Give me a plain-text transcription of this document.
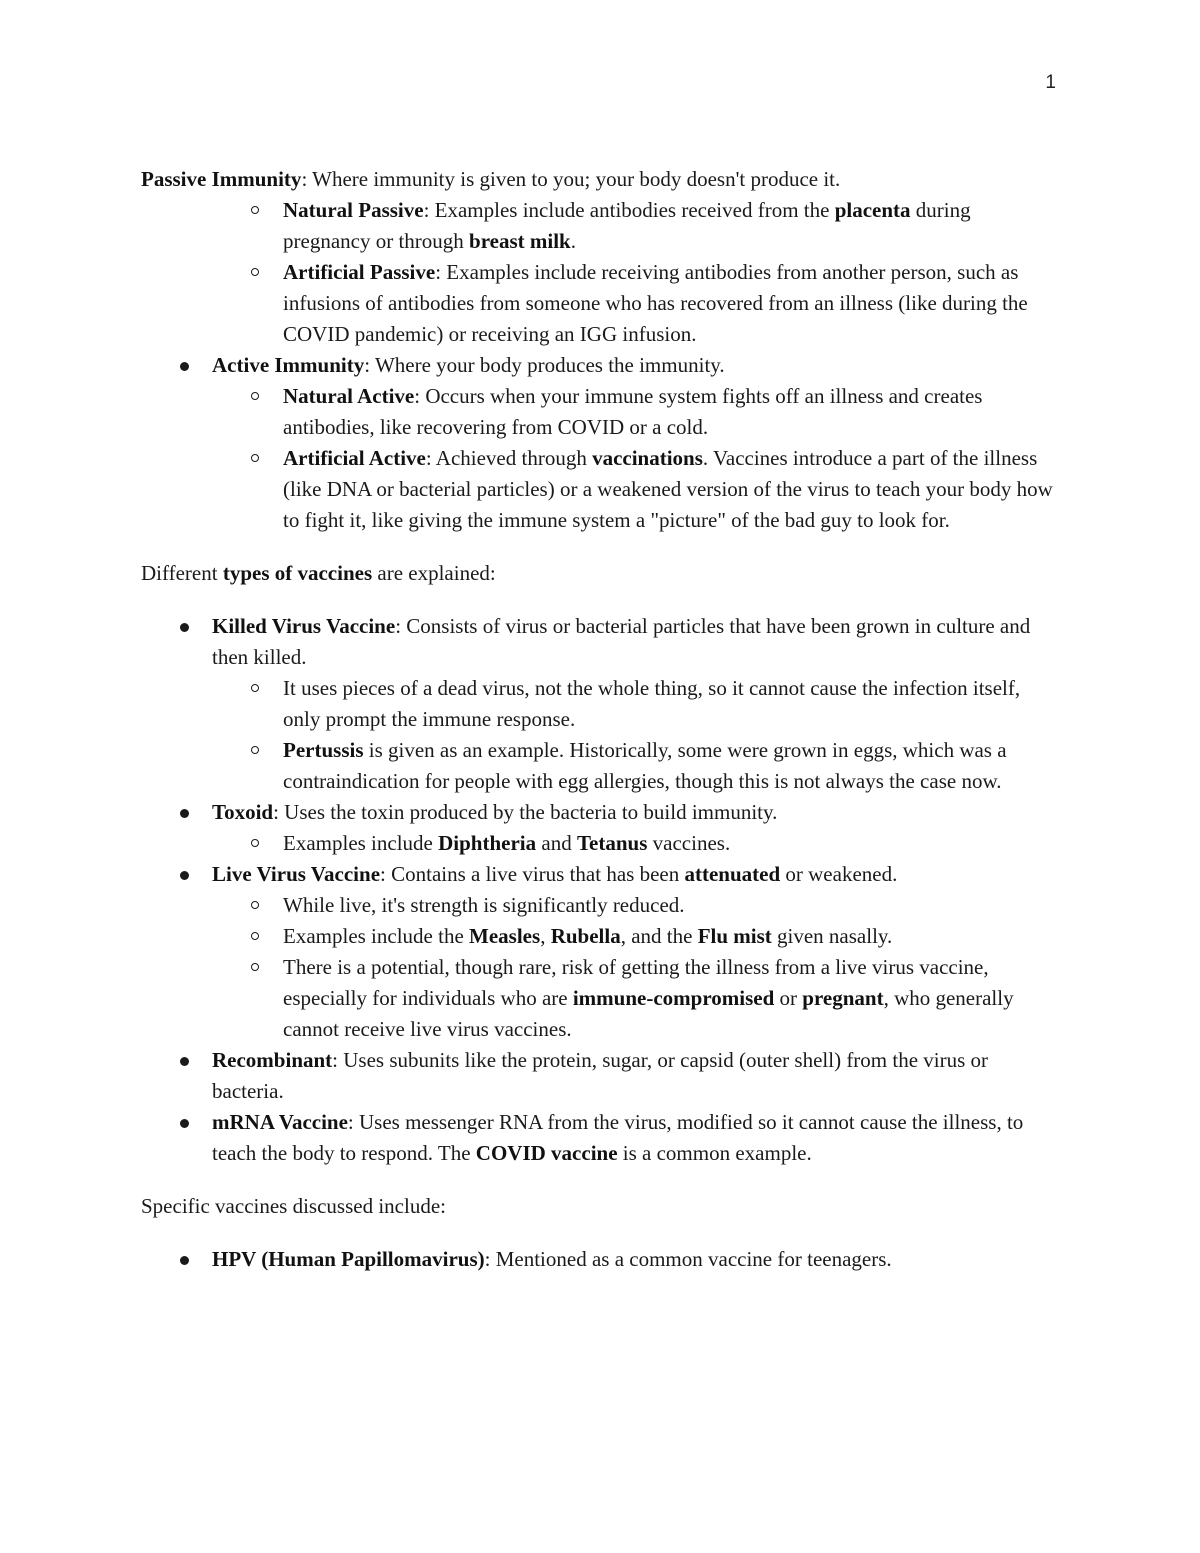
1

Passive Immunity: Where immunity is given to you; your body doesn't produce it.

Natural Passive: Examples include antibodies received from the placenta during pregnancy or through breast milk.
Artificial Passive: Examples include receiving antibodies from another person, such as infusions of antibodies from someone who has recovered from an illness (like during the COVID pandemic) or receiving an IGG infusion.
Active Immunity: Where your body produces the immunity.
Natural Active: Occurs when your immune system fights off an illness and creates antibodies, like recovering from COVID or a cold.
Artificial Active: Achieved through vaccinations. Vaccines introduce a part of the illness (like DNA or bacterial particles) or a weakened version of the virus to teach your body how to fight it, like giving the immune system a "picture" of the bad guy to look for.

Different types of vaccines are explained:

Killed Virus Vaccine: Consists of virus or bacterial particles that have been grown in culture and then killed.
It uses pieces of a dead virus, not the whole thing, so it cannot cause the infection itself, only prompt the immune response.
Pertussis is given as an example. Historically, some were grown in eggs, which was a contraindication for people with egg allergies, though this is not always the case now.
Toxoid: Uses the toxin produced by the bacteria to build immunity.
Examples include Diphtheria and Tetanus vaccines.
Live Virus Vaccine: Contains a live virus that has been attenuated or weakened.
While live, it's strength is significantly reduced.
Examples include the Measles, Rubella, and the Flu mist given nasally.
There is a potential, though rare, risk of getting the illness from a live virus vaccine, especially for individuals who are immune-compromised or pregnant, who generally cannot receive live virus vaccines.
Recombinant: Uses subunits like the protein, sugar, or capsid (outer shell) from the virus or bacteria.
mRNA Vaccine: Uses messenger RNA from the virus, modified so it cannot cause the illness, to teach the body to respond. The COVID vaccine is a common example.

Specific vaccines discussed include:

HPV (Human Papillomavirus): Mentioned as a common vaccine for teenagers.
